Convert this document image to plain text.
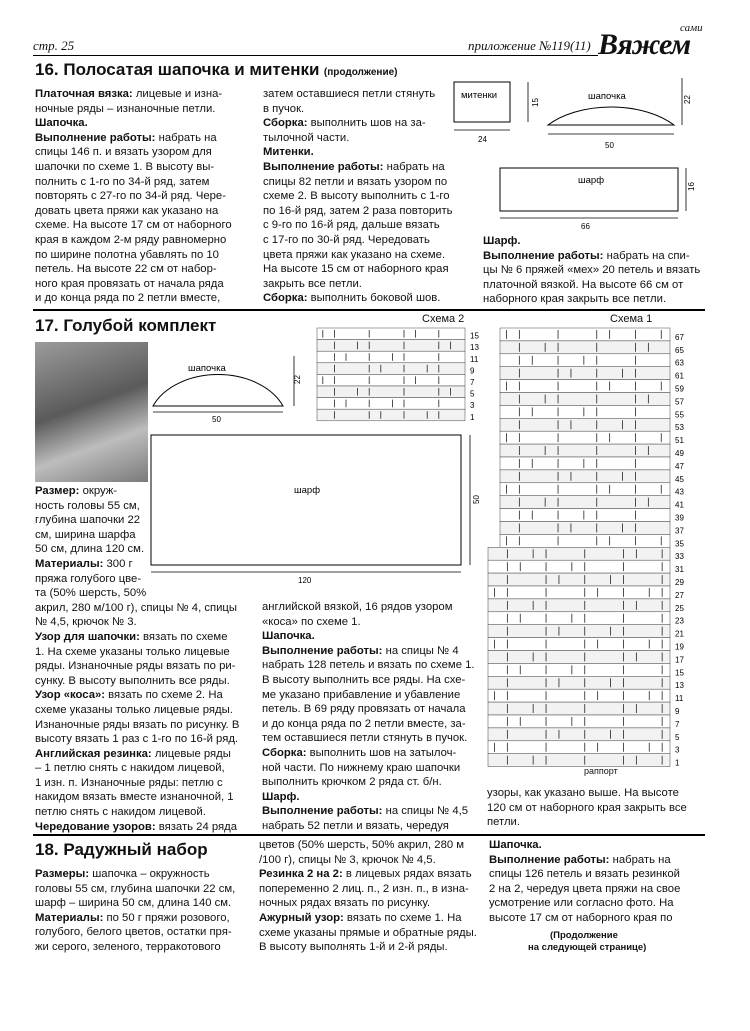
стр. 25	приложение №119(11)
сами
Вяжем
16. Полосатая шапочка и митенки (продолжение)

Платочная вязка: лицевые и изна-

ночные ряды – изнаночные петли.

Шапочка.

Выполнение работы: набрать на

спицы 146 п. и вязать узором для

шапочки по схеме 1. В высоту вы-

полнить с 1-го по 34-й ряд, затем

повторять с 27-го по 34-й ряд. Чере-

довать цвета пряжи как указано на

схеме. На высоте 17 см от наборного

края в каждом 2-м ряду равномерно

по ширине полотна убавлять по 10

петель. На высоте 22 см от набор-

ного края провязать от начала ряда

и до конца ряда по 2 петли вместе,

затем оставшиеся петли стянуть

в пучок.

Сборка: выполнить шов на за-

тылочной части.

Митенки.

Выполнение работы: набрать на

спицы 82 петли и вязать узором по

схеме 2. В высоту выполнить с 1-го

по 16-й ряд, затем 2 раза повторить

с 9-го по 16-й ряд, дальше вязать

с 17-го по 30-й ряд. Чередовать

цвета пряжи как указано на схеме.

На высоте 15 см от наборного края

закрыть все петли.

Сборка: выполнить боковой шов.

Шарф.

Выполнение работы: набрать на спи-

цы № 6 пряжей «мех» 20 петель и вязать

платочной вязкой. На высоте 66 см от

наборного края закрыть все петли.

митенки
15
24
шапочка	22
50
шарф
16
66
17. Голубой комплект
шапочка
22
50
шарф
50
120
Схема 2
15
13
11
9
7
5
3
1
Схема 1
67
65
63
61
59
57
55
53
51
49
47
45
43
41
39
37
35
33
31
29
27
25
23
21
19
17
15
13
11
9
7
5
3
1
раппорт

Размер: окруж-

ность головы 55 см,

глубина шапочки 22

см, ширина шарфа

50 см, длина 120 см.

Материалы: 300 г

пряжа голубого цве-

та (50% шерсть, 50%

акрил, 280 м/100 г), спицы № 4, спицы

№ 4,5, крючок № 3.

Узор для шапочки: вязать по схеме

1. На схеме указаны только лицевые

ряды. Изнаночные ряды вязать по ри-

сунку. В высоту выполнить все ряды.

Узор «коса»: вязать по схеме 2. На

схеме указаны только лицевые ряды.

Изнаночные ряды вязать по рисунку. В

высоту вязать 1 раз с 1-го по 16-й ряд.

Английская резинка: лицевые ряды

– 1 петлю снять с накидом лицевой,

1 изн. п. Изнаночные ряды: петлю с

накидом вязать вместе изнаночной, 1

петлю снять с накидом лицевой.

Чередование узоров: вязать 24 ряда

английской вязкой, 16 рядов узором

«коса» по схеме 1.

Шапочка.

Выполнение работы: на спицы № 4

набрать 128 петель и вязать по схеме 1.

В высоту выполнить все ряды. На схе-

ме указано прибавление и убавление

петель. В 69 ряду провязать от начала

и до конца ряда по 2 петли вместе, за-

тем оставшиеся петли стянуть в пучок.

Сборка: выполнить шов на затылоч-

ной части. По нижнему краю шапочки

выполнить крючком 2 ряда ст. б/н.

Шарф.

Выполнение работы: на спицы № 4,5

набрать 52 петли и вязать, чередуя

узоры, как указано выше. На высоте

120 см от наборного края закрыть все

петли.

18. Радужный набор

Размеры: шапочка – окружность

головы 55 см, глубина шапочки 22 см,

шарф – ширина 50 см, длина 140 см.

Материалы: по 50 г пряжи розового,

голубого, белого цветов, остатки пря-

жи серого, зеленого, терракотового

цветов (50% шерсть, 50% акрил, 280 м

/100 г), спицы № 3, крючок № 4,5.

Резинка 2 на 2: в лицевых рядах вязать

попеременно 2 лиц. п., 2 изн. п., в изна-

ночных рядах вязать по рисунку.

Ажурный узор: вязать по схеме 1. На

схеме указаны прямые и обратные ряды.

В высоту выполнять 1-й и 2-й ряды.

Шапочка.

Выполнение работы: набрать на

спицы 126 петель и вязать резинкой

2 на 2, чередуя цвета пряжи на свое

усмотрение или согласно фото. На

высоте 17 см от наборного края по

(Продолжение
на следующей странице)
